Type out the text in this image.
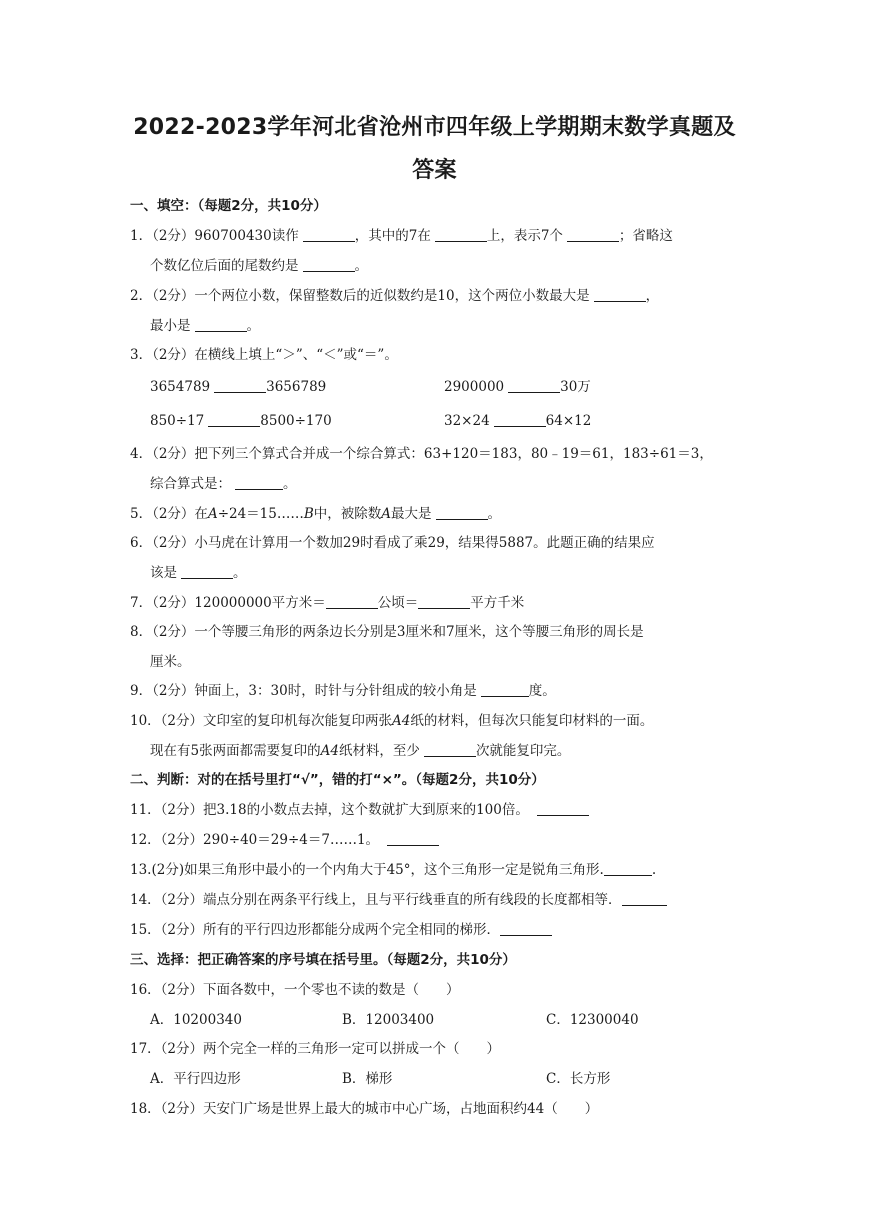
2022-2023学年河北省沧州市四年级上学期期末数学真题及
答案
一、填空：（每题2分，共10分）
1．（2分）960700430读作	，其中的7在	上，表示7个	；省略这
个数亿位后面的尾数约是	。
2．（2分）一个两位小数，保留整数后的近似数约是10，这个两位小数最大是	，
最小是	。
3．（2分）在横线上填上“＞”、“＜”或“＝”。
3654789	3656789	2900000	30万
850÷17	8500÷170	32×24	64×12
4．（2分）把下列三个算式合并成一个综合算式：63+120＝183，80﹣19＝61，183÷61＝3，
综合算式是：	。
5．（2分）在A÷24＝15……B中，被除数A最大是	。
6．（2分）小马虎在计算用一个数加29时看成了乘29，结果得5887。此题正确的结果应
该是	。
7．（2分）120000000平方米＝	公顷＝	平方千米
8．（2分）一个等腰三角形的两条边长分别是3厘米和7厘米，这个等腰三角形的周长是
厘米。
9．（2分）钟面上，3：30时，时针与分针组成的较小角是	度。
10．（2分）文印室的复印机每次能复印两张A4纸的材料，但每次只能复印材料的一面。
现在有5张两面都需要复印的A4纸材料，至少	次就能复印完。
二、判断：对的在括号里打“√”，错的打“×”。（每题2分，共10分）
11．（2分）把3.18的小数点去掉，这个数就扩大到原来的100倍。
12．（2分）290÷40＝29÷4＝7……1。
13.(2分)如果三角形中最小的一个内角大于45°，这个三角形一定是锐角三角形.	.
14．（2分）端点分别在两条平行线上，且与平行线垂直的所有线段的长度都相等．
15．（2分）所有的平行四边形都能分成两个完全相同的梯形．
三、选择：把正确答案的序号填在括号里。（每题2分，共10分）
16．（2分）下面各数中，一个零也不读的数是（　　）
A．10200340	B．12003400	C．12300040
17．（2分）两个完全一样的三角形一定可以拼成一个（　　）
A．平行四边形	B．梯形	C．长方形
18．（2分）天安门广场是世界上最大的城市中心广场，占地面积约44（　　）
